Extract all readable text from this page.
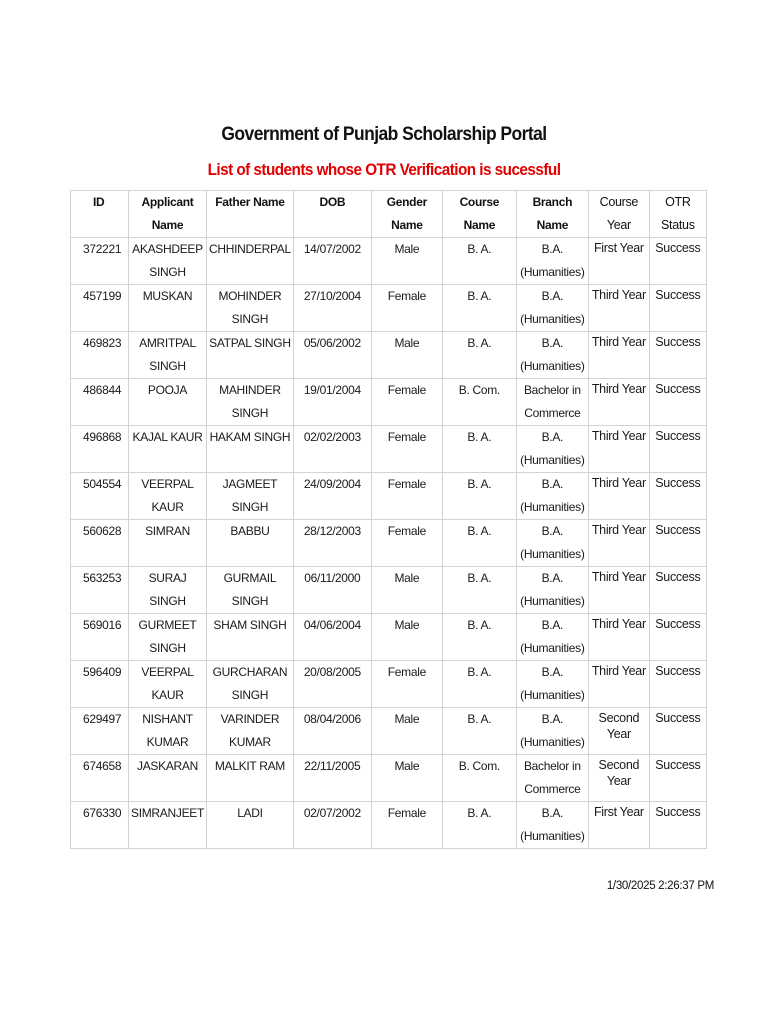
Government of Punjab Scholarship Portal
List of students whose OTR Verification is sucessful
ID	Applicant Name	Father Name	DOB	Gender Name	Course Name	Branch Name	Course Year	OTR Status
372221	AKASHDEEP SINGH	CHHINDERPAL	14/07/2002	Male	B. A.	B.A. (Humanities)	First Year	Success
457199	MUSKAN	MOHINDER SINGH	27/10/2004	Female	B. A.	B.A. (Humanities)	Third Year	Success
469823	AMRITPAL SINGH	SATPAL SINGH	05/06/2002	Male	B. A.	B.A. (Humanities)	Third Year	Success
486844	POOJA	MAHINDER SINGH	19/01/2004	Female	B. Com.	Bachelor in Commerce	Third Year	Success
496868	KAJAL KAUR	HAKAM SINGH	02/02/2003	Female	B. A.	B.A. (Humanities)	Third Year	Success
504554	VEERPAL KAUR	JAGMEET SINGH	24/09/2004	Female	B. A.	B.A. (Humanities)	Third Year	Success
560628	SIMRAN	BABBU	28/12/2003	Female	B. A.	B.A. (Humanities)	Third Year	Success
563253	SURAJ SINGH	GURMAIL SINGH	06/11/2000	Male	B. A.	B.A. (Humanities)	Third Year	Success
569016	GURMEET SINGH	SHAM SINGH	04/06/2004	Male	B. A.	B.A. (Humanities)	Third Year	Success
596409	VEERPAL KAUR	GURCHARAN SINGH	20/08/2005	Female	B. A.	B.A. (Humanities)	Third Year	Success
629497	NISHANT KUMAR	VARINDER KUMAR	08/04/2006	Male	B. A.	B.A. (Humanities)	Second Year	Success
674658	JASKARAN	MALKIT RAM	22/11/2005	Male	B. Com.	Bachelor in Commerce	Second Year	Success
676330	SIMRANJEET	LADI	02/07/2002	Female	B. A.	B.A. (Humanities)	First Year	Success
1/30/2025 2:26:37 PM
